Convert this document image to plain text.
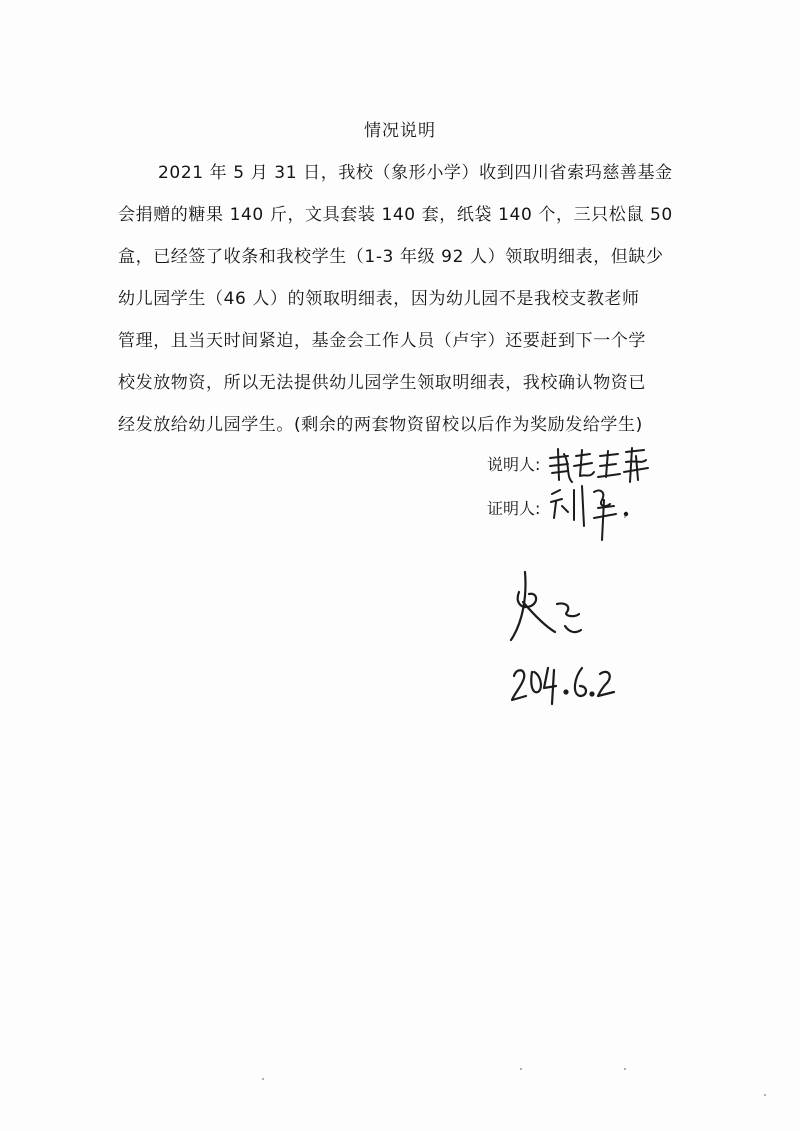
情况说明
2021 年 5 月 31 日，我校（象形小学）收到四川省索玛慈善基金
会捐赠的糖果 140 斤，文具套装 140 套，纸袋 140 个，三只松鼠 50
盒，已经签了收条和我校学生（1-3 年级 92 人）领取明细表，但缺少
幼儿园学生（46 人）的领取明细表，因为幼儿园不是我校支教老师
管理，且当天时间紧迫，基金会工作人员（卢宇）还要赶到下一个学
校发放物资，所以无法提供幼儿园学生领取明细表，我校确认物资已
经发放给幼儿园学生。(剩余的两套物资留校以后作为奖励发给学生)
说明人:
证明人:
